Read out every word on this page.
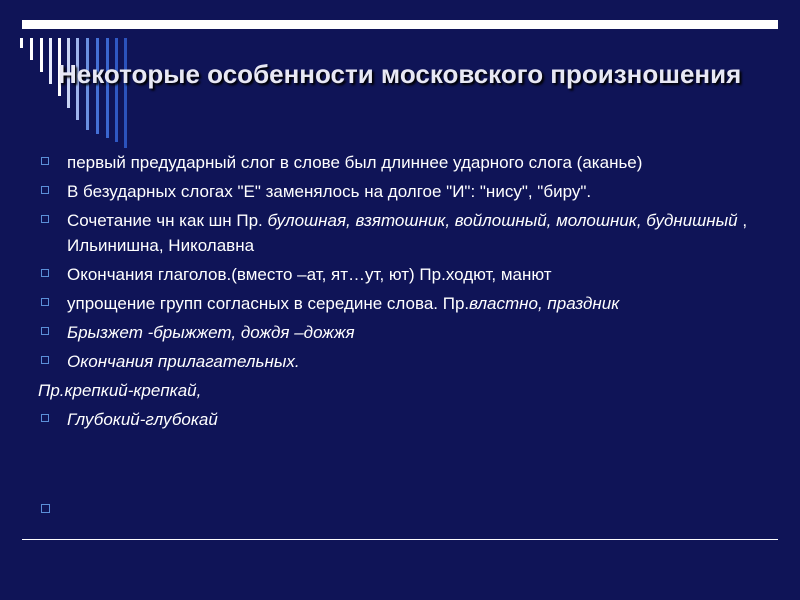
Некоторые особенности московского произношения
первый предударный слог в слове был длиннее ударного слога (аканье)
В безударных слогах "Е" заменялось на долгое "И": "нису", "биру".
Сочетание чн как шн Пр. булошная, взятошник, войлошный, молошник, буднишный , Ильинишна, Николавна
Окончания глаголов.(вместо –ат, ят…ут, ют) Пр.ходют, манют
упрощение групп согласных в середине слова. Пр.властно, праздник
Брызжет -брыжжет, дождя –дожжя
Окончания прилагательных.
Пр.крепкий-крепкай,
Глубокий-глубокай
